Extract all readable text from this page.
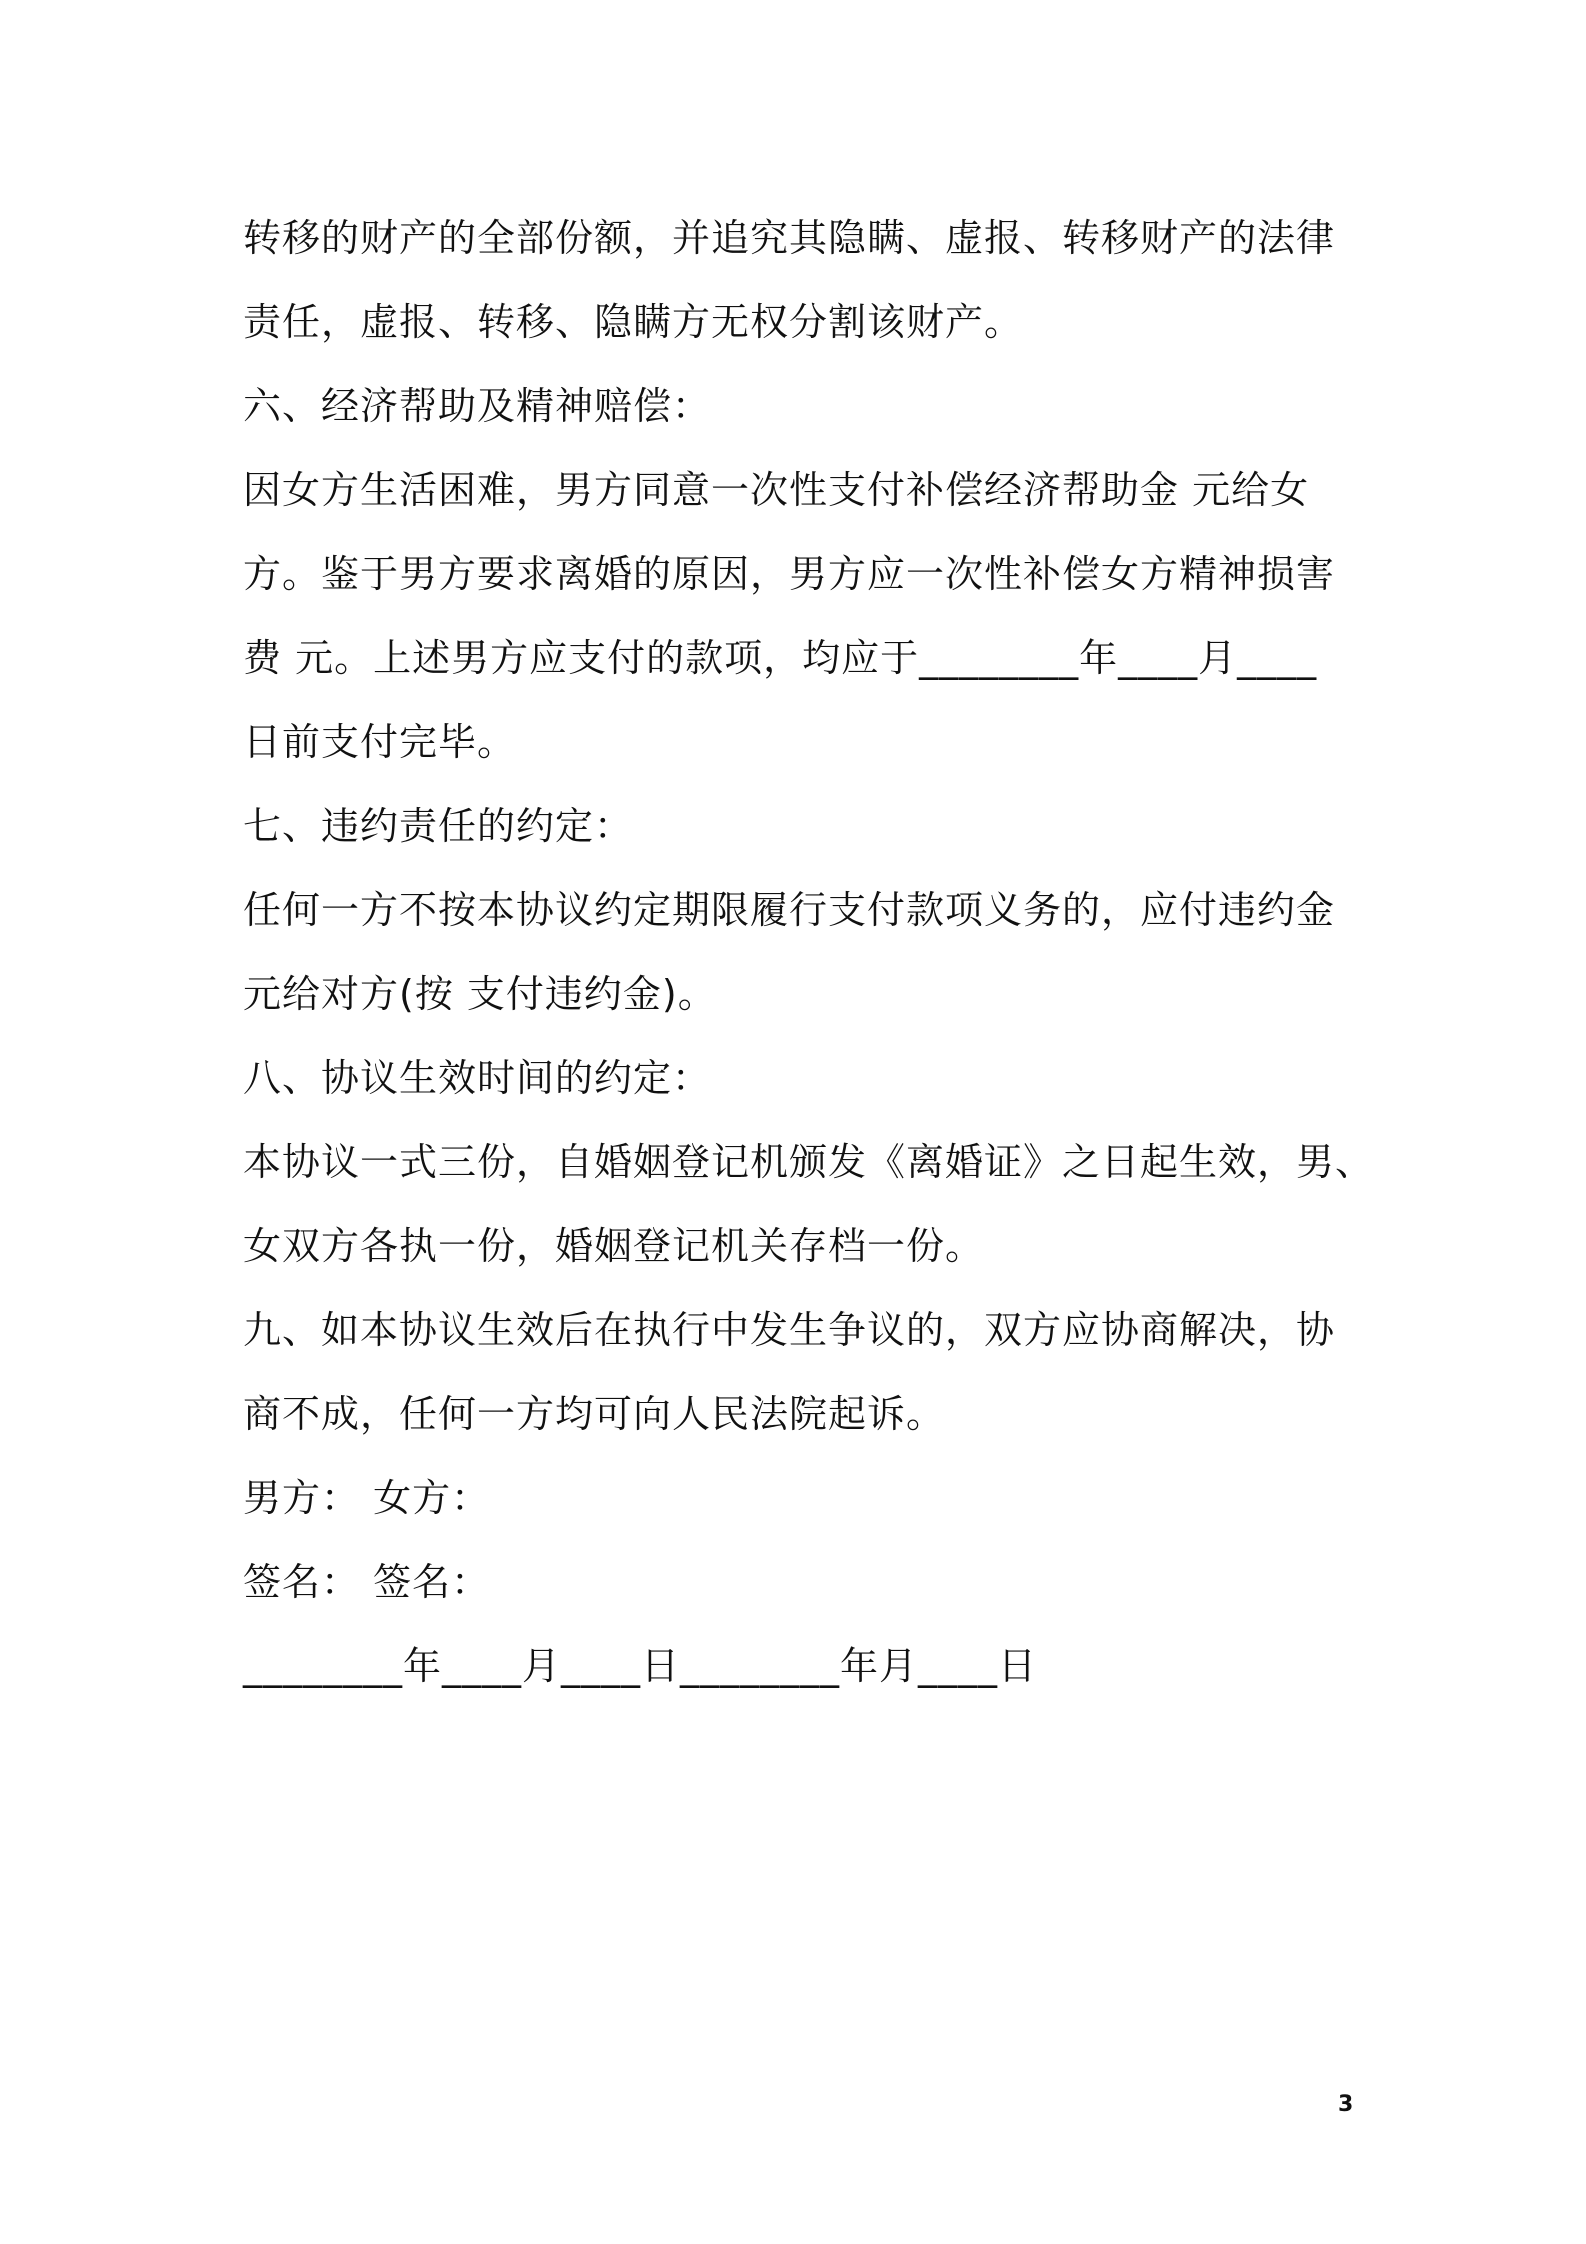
转移的财产的全部份额，并追究其隐瞒、虚报、转移财产的法律
责任，虚报、转移、隐瞒方无权分割该财产。
六、经济帮助及精神赔偿：
因女方生活困难，男方同意一次性支付补偿经济帮助金 元给女
方。鉴于男方要求离婚的原因，男方应一次性补偿女方精神损害
费 元。上述男方应支付的款项，均应于________年____月____
日前支付完毕。
七、违约责任的约定：
任何一方不按本协议约定期限履行支付款项义务的，应付违约金
元给对方(按 支付违约金)。
八、协议生效时间的约定：
本协议一式三份，自婚姻登记机颁发《离婚证》之日起生效，男、
女双方各执一份，婚姻登记机关存档一份。
九、如本协议生效后在执行中发生争议的，双方应协商解决，协
商不成，任何一方均可向人民法院起诉。
男方： 女方：
签名： 签名：
________年____月____日________年月____日
3
